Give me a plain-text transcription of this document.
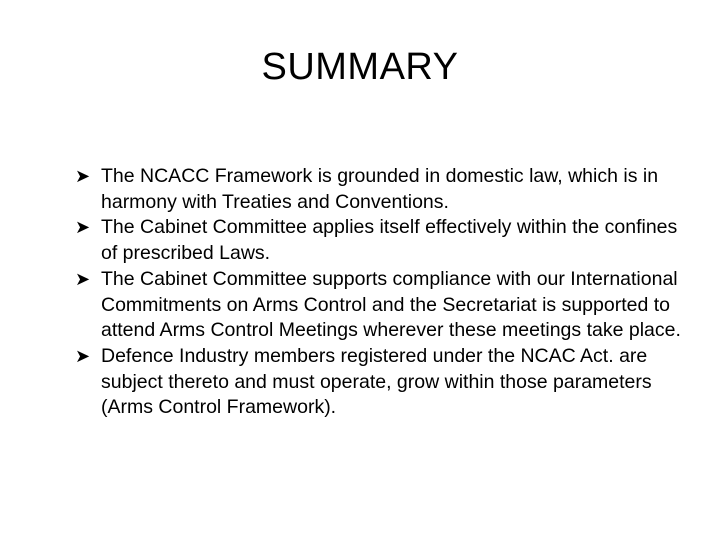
SUMMARY
➤ The NCACC Framework is grounded in domestic law, which is in harmony with Treaties and Conventions.
➤ The Cabinet Committee applies itself effectively within the confines of prescribed Laws.
➤ The Cabinet Committee supports compliance with our International Commitments on Arms Control and the Secretariat is supported to attend Arms Control Meetings wherever these meetings take place.
➤ Defence Industry members registered under the NCAC Act. are subject thereto and must operate, grow within those parameters (Arms Control Framework).
